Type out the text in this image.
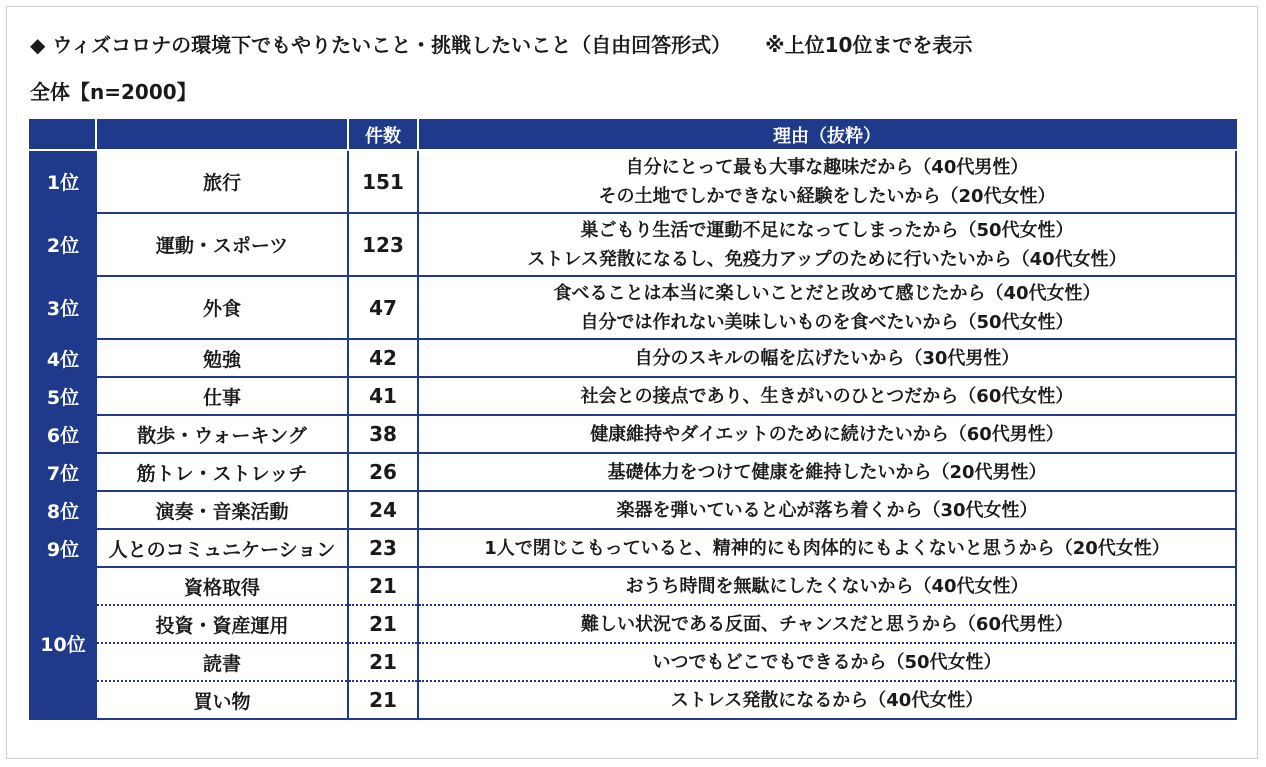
◆ ウィズコロナの環境下でもやりたいこと・挑戦したいこと（自由回答形式） ※上位10位までを表示
全体【n=2000】
		件数	理由（抜粋）
1位	旅行	151	自分にとって最も大事な趣味だから（40代男性）
その土地でしかできない経験をしたいから（20代女性）

2位	運動・スポーツ	123	巣ごもり生活で運動不足になってしまったから（50代女性）
ストレス発散になるし、免疫力アップのために行いたいから（40代女性）

3位	外食	47	食べることは本当に楽しいことだと改めて感じたから（40代女性）
自分では作れない美味しいものを食べたいから（50代女性）

4位	勉強	42	自分のスキルの幅を広げたいから（30代男性）
5位	仕事	41	社会との接点であり、生きがいのひとつだから（60代女性）
6位	散歩・ウォーキング	38	健康維持やダイエットのために続けたいから（60代男性）
7位	筋トレ・ストレッチ	26	基礎体力をつけて健康を維持したいから（20代男性）
8位	演奏・音楽活動	24	楽器を弾いていると心が落ち着くから（30代女性）
9位	人とのコミュニケーション	23	1人で閉じこもっていると、精神的にも肉体的にもよくないと思うから（20代女性）
10位	資格取得	21	おうち時間を無駄にしたくないから（40代女性）
	投資・資産運用	21	難しい状況である反面、チャンスだと思うから（60代男性）
	読書	21	いつでもどこでもできるから（50代女性）
	買い物	21	ストレス発散になるから（40代女性）
